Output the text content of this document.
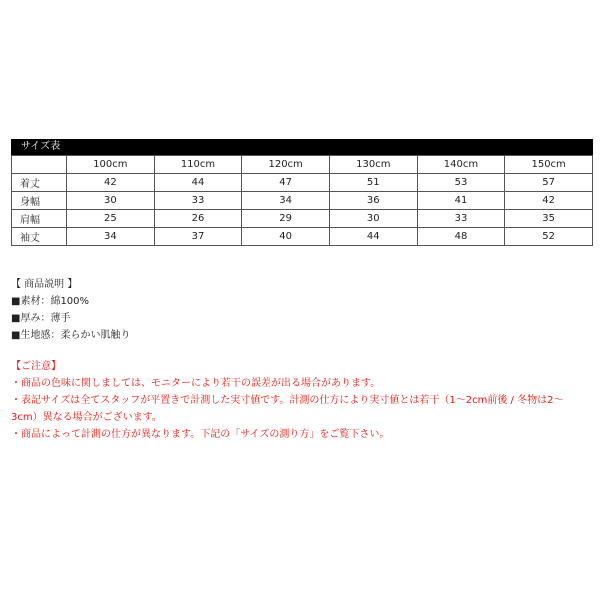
サイズ表
	100cm	110cm	120cm	130cm	140cm	150cm
着丈	42	44	47	51	53	57
身幅	30	33	34	36	41	42
肩幅	25	26	29	30	33	35
袖丈	34	37	40	44	48	52
【 商品説明 】
■素材：綿100%
■厚み：薄手
■生地感：柔らかい肌触り
【ご注意】
・商品の色味に関しましては、モニターにより若干の誤差が出る場合があります。
・表記サイズは全てスタッフが平置きで計測した実寸値です。計測の仕方により実寸値とは若干（1～2cm前後 / 冬物は2～
3cm）異なる場合がございます。
・商品によって計測の仕方が異なります。下記の「サイズの測り方」をご覧下さい。
